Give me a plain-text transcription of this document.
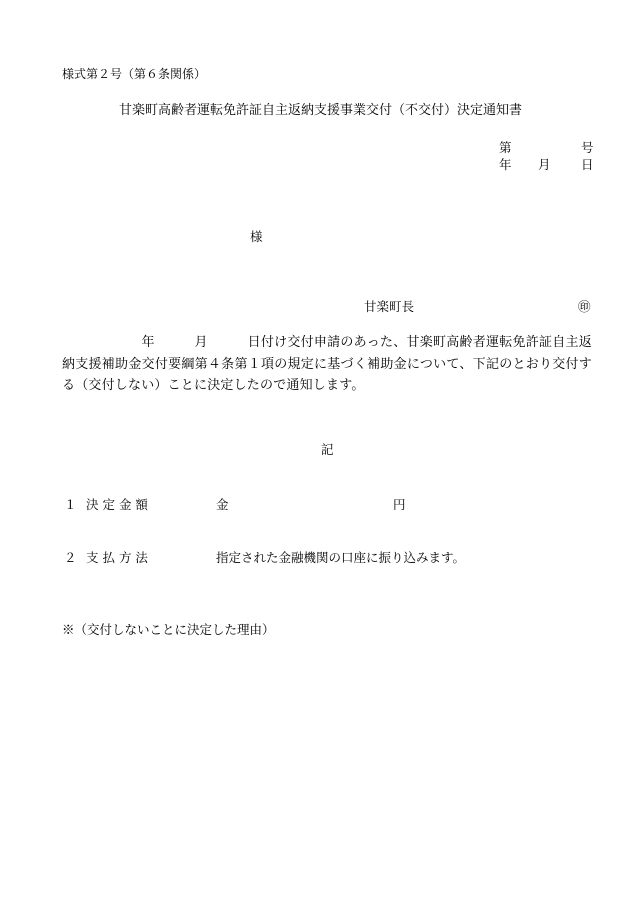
様式第２号（第６条関係）
甘楽町高齢者運転免許証自主返納支援事業交付（不交付）決定通知書
第	号
年 月 日
様
甘楽町長	㊞
　　　　　　年　　　月　　　日付け交付申請のあった、甘楽町高齢者運転免許証自主返納支援補助金交付要綱第４条第１項の規定に基づく補助金について、下記のとおり交付する（交付しない）ことに決定したので通知します。
記
１ 決 定 金 額	金	円
２ 支 払 方 法	指定された金融機関の口座に振り込みます。
※（交付しないことに決定した理由）
